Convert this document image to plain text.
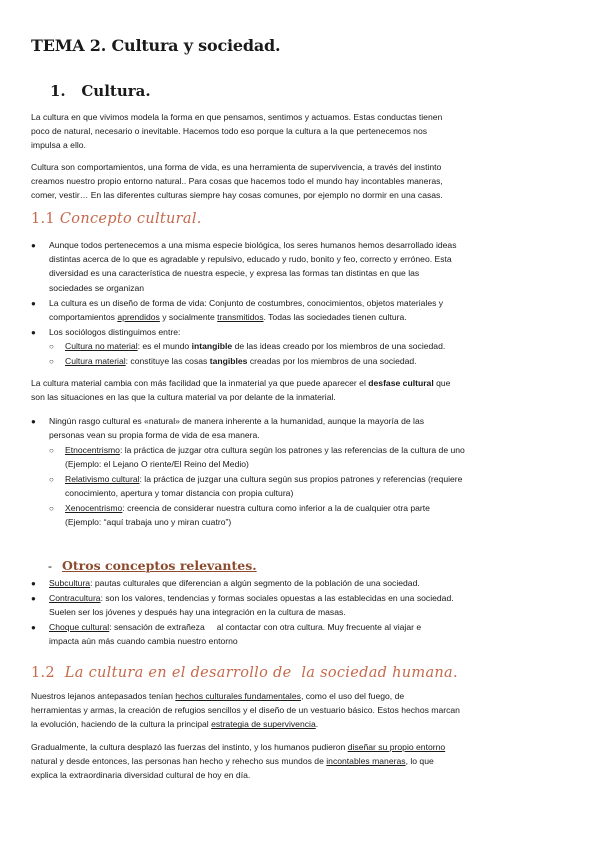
TEMA 2. Cultura y sociedad.
1. Cultura.
La cultura en que vivimos modela la forma en que pensamos, sentimos y actuamos. Estas conductas tienen
poco de natural, necesario o inevitable. Hacemos todo eso porque la cultura a la que pertenecemos nos
impulsa a ello.
Cultura son comportamientos, una forma de vida, es una herramienta de supervivencia, a través del instinto
creamos nuestro propio entorno natural.. Para cosas que hacemos todo el mundo hay incontables maneras,
comer, vestir… En las diferentes culturas siempre hay cosas comunes, por ejemplo no dormir en una casas.
1.1 Concepto cultural.
● Aunque todos pertenecemos a una misma especie biológica, los seres humanos hemos desarrollado ideas
distintas acerca de lo que es agradable y repulsivo, educado y rudo, bonito y feo, correcto y erróneo. Esta
diversidad es una característica de nuestra especie, y expresa las formas tan distintas en que las
sociedades se organizan
● La cultura es un diseño de forma de vida: Conjunto de costumbres, conocimientos, objetos materiales y
comportamientos aprendidos y socialmente transmitidos. Todas las sociedades tienen cultura.
● Los sociólogos distinguimos entre:
○ Cultura no material: es el mundo intangible de las ideas creado por los miembros de una sociedad.
○ Cultura material: constituye las cosas tangibles creadas por los miembros de una sociedad.
La cultura material cambia con más facilidad que la inmaterial ya que puede aparecer el desfase cultural que
son las situaciones en las que la cultura material va por delante de la inmaterial.
● Ningún rasgo cultural es «natural» de manera inherente a la humanidad, aunque la mayoría de las
personas vean su propia forma de vida de esa manera.
○ Etnocentrismo: la práctica de juzgar otra cultura según los patrones y las referencias de la cultura de uno
(Ejemplo: el Lejano O riente/El Reino del Medio)
○ Relativismo cultural: la práctica de juzgar una cultura según sus propios patrones y referencias (requiere
conocimiento, apertura y tomar distancia con propia cultura)
○ Xenocentrismo: creencia de considerar nuestra cultura como inferior a la de cualquier otra parte
(Ejemplo: “aquí trabaja uno y miran cuatro”)
- Otros conceptos relevantes.
● Subcultura: pautas culturales que diferencian a algún segmento de la población de una sociedad.
● Contracultura: son los valores, tendencias y formas sociales opuestas a las establecidas en una sociedad.
Suelen ser los jóvenes y después hay una integración en la cultura de masas.
● Choque cultural: sensación de extrañeza     al contactar con otra cultura. Muy frecuente al viajar e
impacta aún más cuando cambia nuestro entorno
1.2 La cultura en el desarrollo de  la sociedad humana.
Nuestros lejanos antepasados tenían hechos culturales fundamentales, como el uso del fuego, de
herramientas y armas, la creación de refugios sencillos y el diseño de un vestuario básico. Estos hechos marcan
la evolución, haciendo de la cultura la principal estrategia de supervivencia.
Gradualmente, la cultura desplazó las fuerzas del instinto, y los humanos pudieron diseñar su propio entorno
natural y desde entonces, las personas han hecho y rehecho sus mundos de incontables maneras, lo que
explica la extraordinaria diversidad cultural de hoy en día.
